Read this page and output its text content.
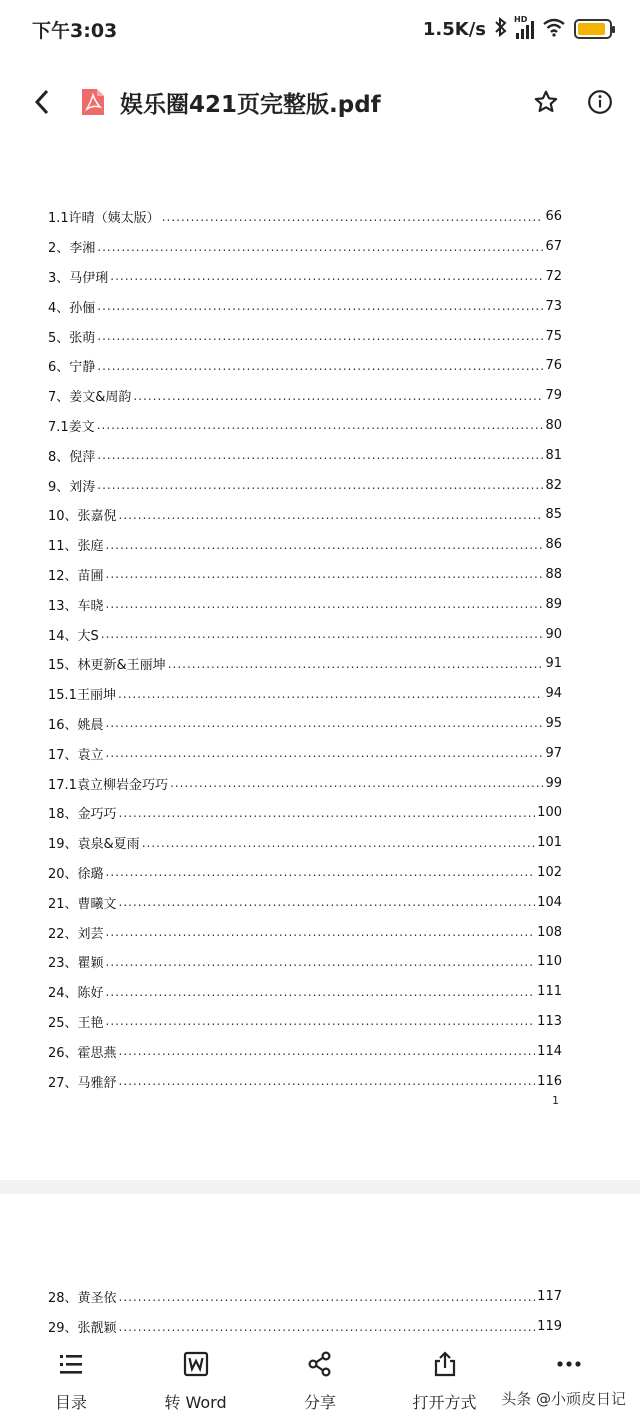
下午3:03	1.5K/s	HD
娱乐圈421页完整版.pdf
1.1许晴（姨太版） .....	66
2、李湘 .....	67
3、马伊琍 .....	72
4、孙俪 .....	73
5、张萌 .....	75
6、宁静 .....	76
7、姜文&周韵 .....	79
7.1姜文 .....	80
8、倪萍 .....	81
9、刘涛 .....	82
10、张嘉倪 .....	85
11、张庭 .....	86
12、苗圃 .....	88
13、车晓 .....	89
14、大S .....	90
15、林更新&王丽坤 .....	91
15.1王丽坤 .....	94
16、姚晨 .....	95
17、袁立 .....	97
17.1袁立柳岩金巧巧 .....	99
18、金巧巧 .....	100
19、袁泉&夏雨 .....	101
20、徐璐 .....	102
21、曹曦文 .....	104
22、刘芸 .....	108
23、瞿颖 .....	110
24、陈好 .....	111
25、王艳 .....	113
26、霍思燕 .....	114
27、马雅舒 .....	116
1
28、黄圣依 .....	117
29、张靓颖 .....	119
目录	转 Word	分享	打开方式 头条 @小顽皮日记
